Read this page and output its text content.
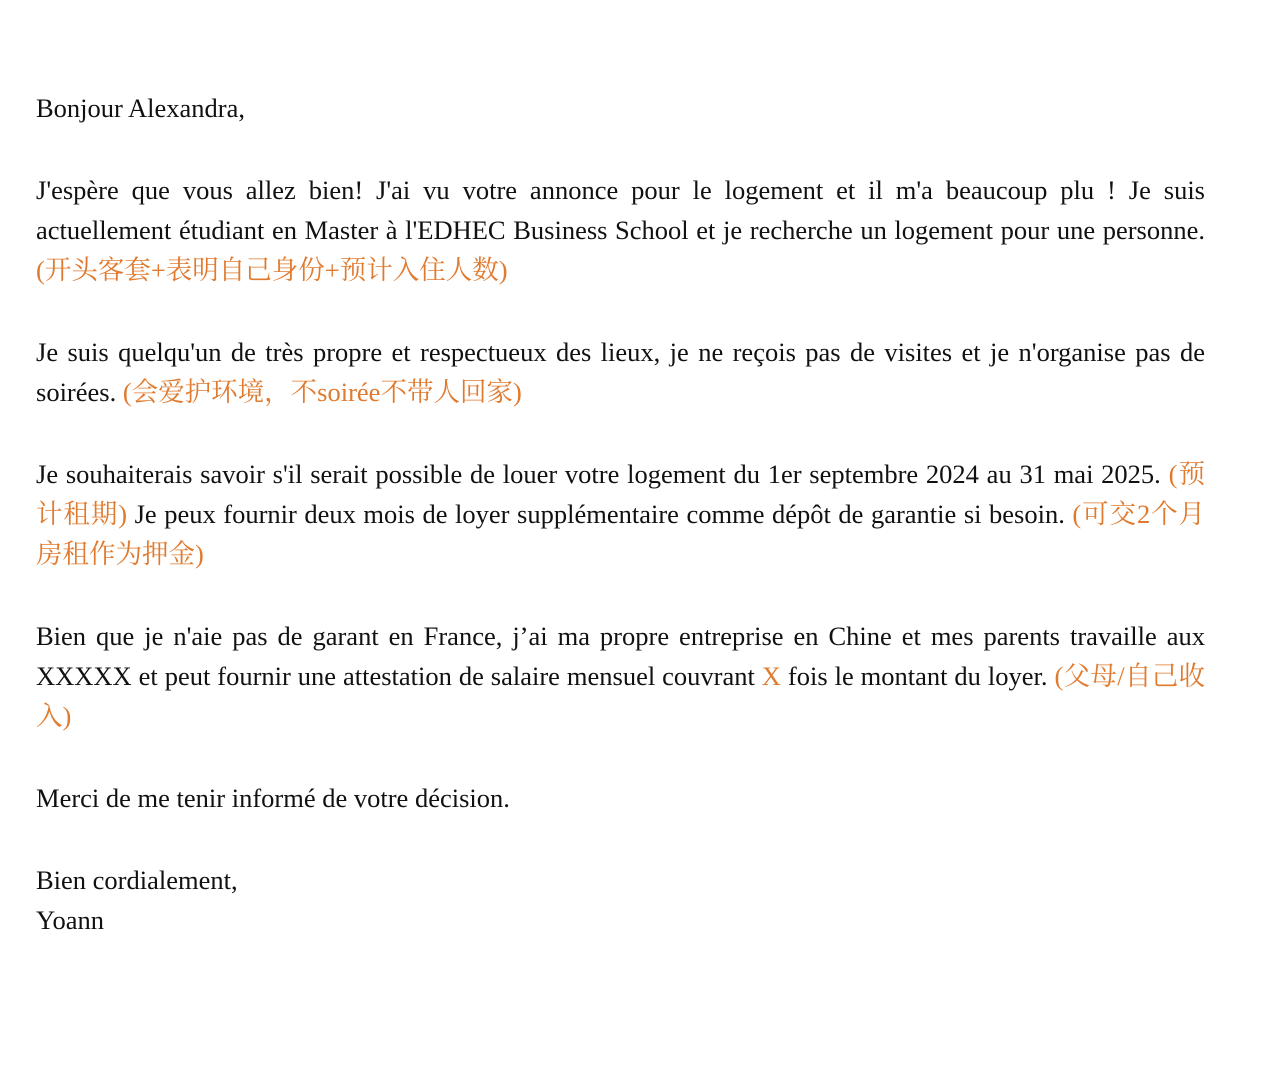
Bonjour Alexandra,

J'espère que vous allez bien! J'ai vu votre annonce pour le logement et il m'a beaucoup plu ! Je suis actuellement étudiant en Master à l'EDHEC Business School et je recherche un logement pour une personne. (开头客套+表明自己身份+预计入住人数)

Je suis quelqu'un de très propre et respectueux des lieux, je ne reçois pas de visites et je n'organise pas de soirées. (会爱护环境，不soirée不带人回家)

Je souhaiterais savoir s'il serait possible de louer votre logement du 1er septembre 2024 au 31 mai 2025. (预计租期) Je peux fournir deux mois de loyer supplémentaire comme dépôt de garantie si besoin. (可交2个月房租作为押金)

Bien que je n'aie pas de garant en France, j’ai ma propre entreprise en Chine et mes parents travaille aux XXXXX et peut fournir une attestation de salaire mensuel couvrant X fois le montant du loyer. (父母/自己收入)

Merci de me tenir informé de votre décision.

Bien cordialement,
Yoann
